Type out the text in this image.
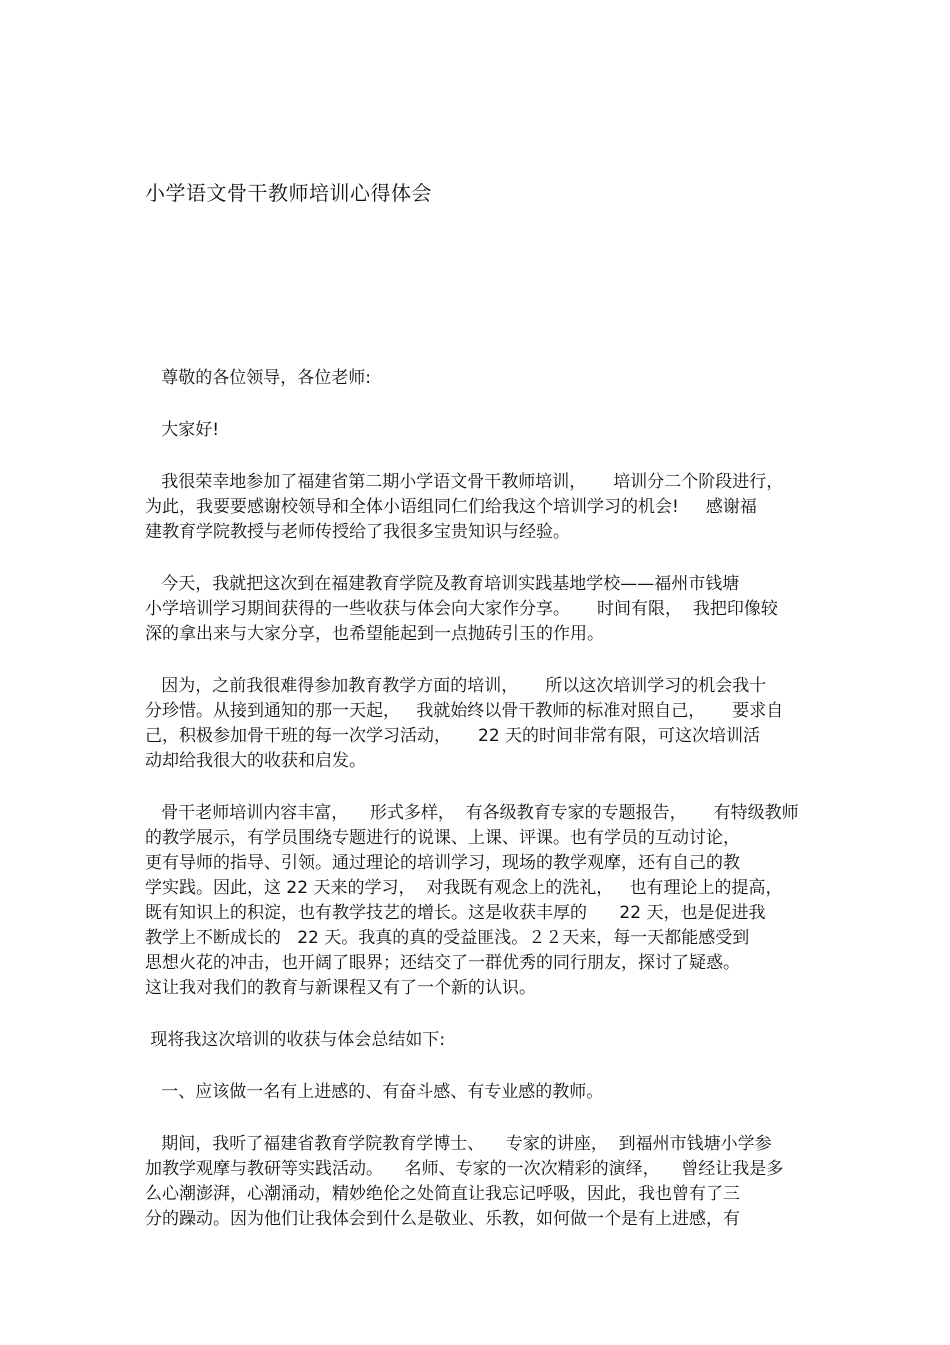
小学语文骨干教师培训心得体会
尊敬的各位领导，各位老师:
大家好!
我很荣幸地参加了福建省第二期小学语文骨干教师培训，     培训分二个阶段进行，
为此，我要要感谢校领导和全体小语组同仁们给我这个培训学习的机会!     感谢福
建教育学院教授与老师传授给了我很多宝贵知识与经验。
今天，我就把这次到在福建教育学院及教育培训实践基地学校——福州市钱塘
小学培训学习期间获得的一些收获与体会向大家作分享。     时间有限，  我把印像较
深的拿出来与大家分享，也希望能起到一点抛砖引玉的作用。
因为，之前我很难得参加教育教学方面的培训，     所以这次培训学习的机会我十
分珍惜。从接到通知的那一天起，   我就始终以骨干教师的标准对照自己，     要求自
己，积极参加骨干班的每一次学习活动，     22 天的时间非常有限，可这次培训活
动却给我很大的收获和启发。
骨干老师培训内容丰富，    形式多样，  有各级教育专家的专题报告，     有特级教师
的教学展示，有学员围绕专题进行的说课、上课、评课。也有学员的互动讨论，
更有导师的指导、引领。通过理论的培训学习，现场的教学观摩，还有自己的教
学实践。因此，这 22 天来的学习，  对我既有观念上的洗礼，   也有理论上的提高，
既有知识上的积淀，也有教学技艺的增长。这是收获丰厚的      22 天，也是促进我
教学上不断成长的   22 天。我真的真的受益匪浅。２２天来，每一天都能感受到
思想火花的冲击，也开阔了眼界；还结交了一群优秀的同行朋友，探讨了疑惑。
这让我对我们的教育与新课程又有了一个新的认识。
现将我这次培训的收获与体会总结如下:
一、应该做一名有上进感的、有奋斗感、有专业感的教师。
期间，我听了福建省教育学院教育学博士、    专家的讲座，  到福州市钱塘小学参
加教学观摩与教研等实践活动。    名师、专家的一次次精彩的演绎，    曾经让我是多
么心潮澎湃，心潮涌动，精妙绝伦之处简直让我忘记呼吸，因此，我也曾有了三
分的躁动。因为他们让我体会到什么是敬业、乐教，如何做一个是有上进感，有
